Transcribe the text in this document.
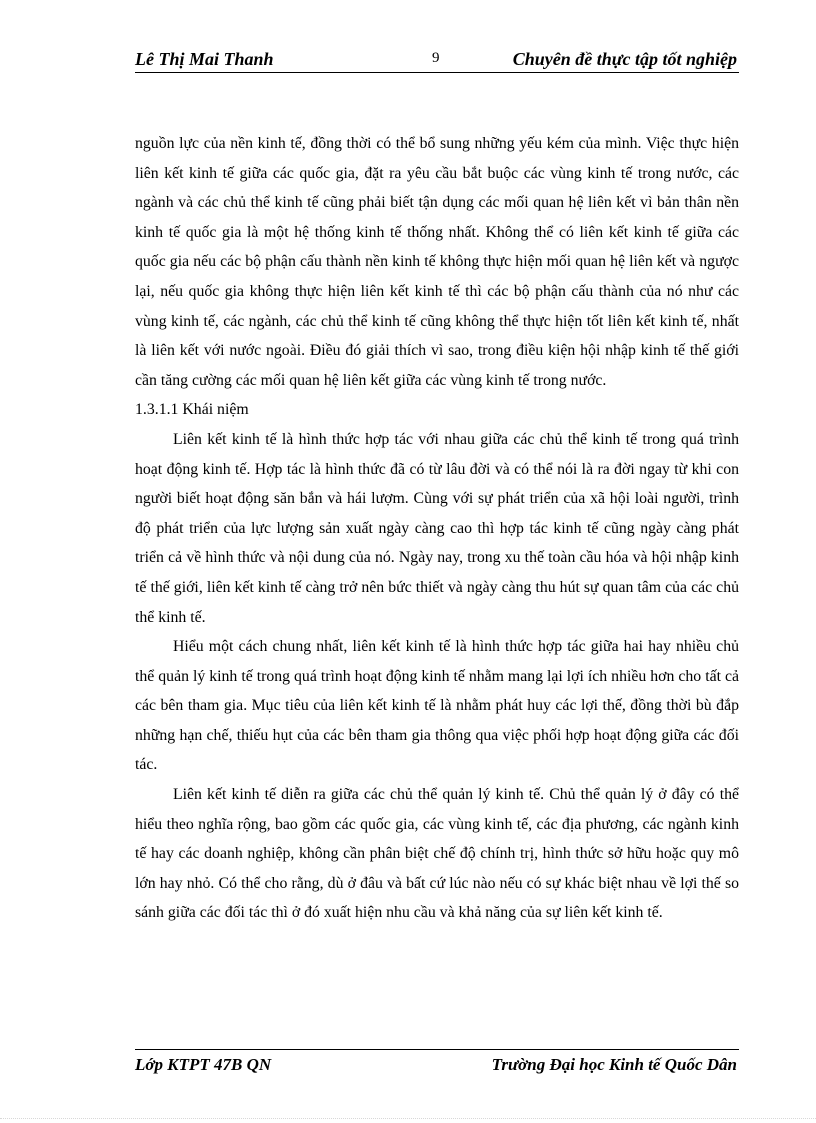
Lê Thị Mai Thanh	9	Chuyên đề thực tập tốt nghiệp

nguồn lực của nền kinh tế, đồng thời có thể bổ sung những yếu kém của mình. Việc thực hiện liên kết kinh tế giữa các quốc gia, đặt ra yêu cầu bắt buộc các vùng kinh tế trong nước, các ngành và các chủ thể kinh tế cũng phải biết tận dụng các mối quan hệ liên kết vì bản thân nền kinh tế quốc gia là một hệ thống kinh tế thống nhất. Không thể có liên kết kinh tế giữa các quốc gia nếu các bộ phận cấu thành nền kinh tế không thực hiện mối quan hệ liên kết và ngược lại, nếu quốc gia không thực hiện liên kết kinh tế thì các bộ phận cấu thành của nó như các vùng kinh tế, các ngành, các chủ thể kinh tế cũng không thể thực hiện tốt liên kết kinh tế, nhất là liên kết với nước ngoài. Điều đó giải thích vì sao, trong điều kiện hội nhập kinh tế thế giới cần tăng cường các mối quan hệ liên kết giữa các vùng kinh tế trong nước.

1.3.1.1 Khái niệm

Liên kết kinh tế là hình thức hợp tác với nhau giữa các chủ thể kinh tế trong quá trình hoạt động kinh tế. Hợp tác là hình thức đã có từ lâu đời và có thể nói là ra đời ngay từ khi con người biết hoạt động săn bắn và hái lượm. Cùng với sự phát triển của xã hội loài người, trình độ phát triển của lực lượng sản xuất ngày càng cao thì hợp tác kinh tế cũng ngày càng phát triển cả về hình thức và nội dung của nó. Ngày nay, trong xu thế toàn cầu hóa và hội nhập kinh tế thế giới, liên kết kinh tế càng trở nên bức thiết và ngày càng thu hút sự quan tâm của các chủ thể kinh tế.

Hiểu một cách chung nhất, liên kết kinh tế là hình thức hợp tác giữa hai hay nhiều chủ thể quản lý kinh tế trong quá trình hoạt động kinh tế nhằm mang lại lợi ích nhiều hơn cho tất cả các bên tham gia. Mục tiêu của liên kết kinh tế là nhằm phát huy các lợi thế, đồng thời bù đắp những hạn chế, thiếu hụt của các bên tham gia thông qua việc phối hợp hoạt động giữa các đối tác.

Liên kết kinh tế diễn ra giữa các chủ thể quản lý kinh tế. Chủ thể quản lý ở đây có thể hiểu theo nghĩa rộng, bao gồm các quốc gia, các vùng kinh tế, các địa phương, các ngành kinh tế hay các doanh nghiệp, không cần phân biệt chế độ chính trị, hình thức sở hữu hoặc quy mô lớn hay nhỏ. Có thể cho rằng, dù ở đâu và bất cứ lúc nào nếu có sự khác biệt nhau về lợi thế so sánh giữa các đối tác thì ở đó xuất hiện nhu cầu và khả năng của sự liên kết kinh tế.

Lớp KTPT 47B QN	Trường Đại học Kinh tế Quốc Dân
